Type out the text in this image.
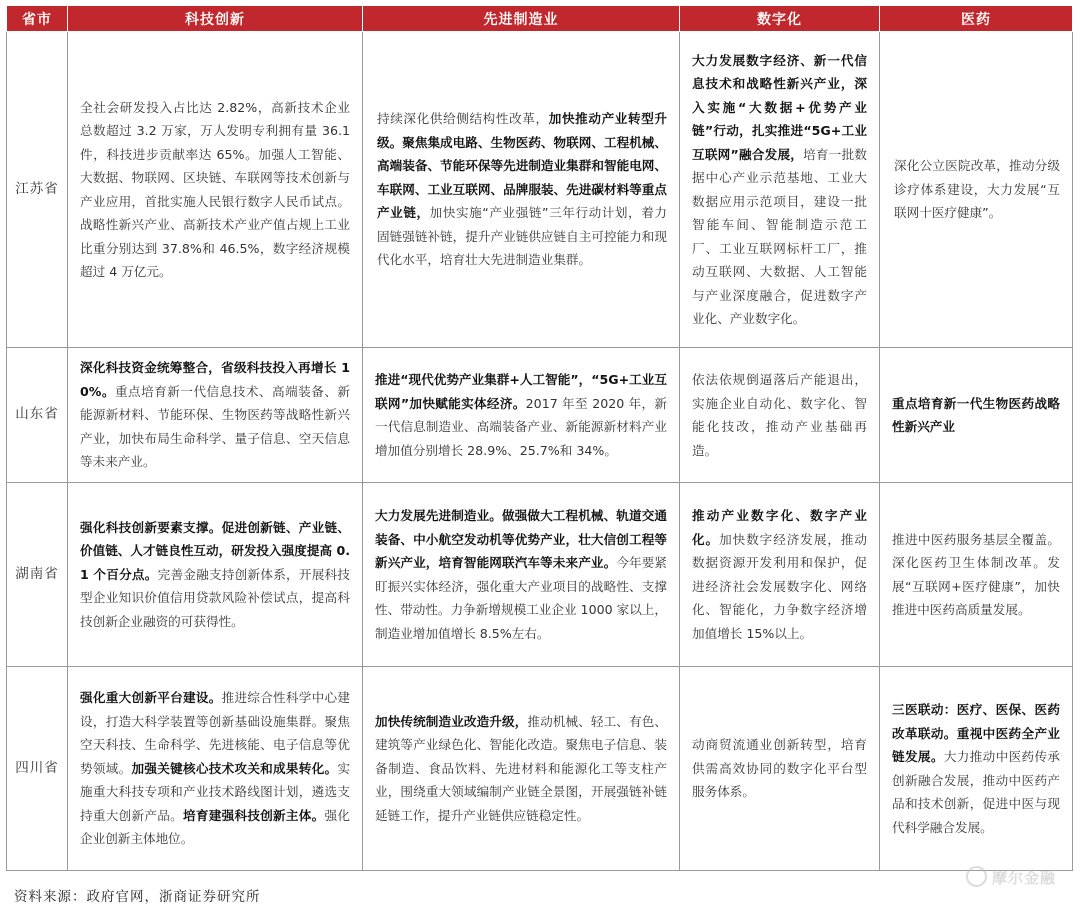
省市	科技创新	先进制造业	数字化	医药
江苏省	全社会研发投入占比达 2.82%，高新技术企业总数超过 3.2 万家，万人发明专利拥有量 36.1 件，科技进步贡献率达 65%。加强人工智能、大数据、物联网、区块链、车联网等技术创新与产业应用，首批实施人民银行数字人民币试点。战略性新兴产业、高新技术产业产值占规上工业比重分别达到 37.8%和 46.5%，数字经济规模超过 4 万亿元。	持续深化供给侧结构性改革，加快推动产业转型升级。聚焦集成电路、生物医药、物联网、工程机械、高端装备、节能环保等先进制造业集群和智能电网、车联网、工业互联网、品牌服装、先进碳材料等重点产业链，加快实施“产业强链”三年行动计划，着力固链强链补链，提升产业链供应链自主可控能力和现代化水平，培育壮大先进制造业集群。	大力发展数字经济、新一代信息技术和战略性新兴产业，深入实施“大数据+优势产业链”行动，扎实推进“5G+工业互联网”融合发展，培育一批数据中心产业示范基地、工业大数据应用示范项目，建设一批智能车间、智能制造示范工厂、工业互联网标杆工厂，推动互联网、大数据、人工智能与产业深度融合，促进数字产业化、产业数字化。	深化公立医院改革，推动分级诊疗体系建设，大力发展“互联网十医疗健康”。
山东省	深化科技资金统筹整合，省级科技投入再增长 10%。重点培育新一代信息技术、高端装备、新能源新材料、节能环保、生物医药等战略性新兴产业，加快布局生命科学、量子信息、空天信息等未来产业。	推进“现代优势产业集群+人工智能”，“5G+工业互联网”加快赋能实体经济。2017 年至 2020 年，新一代信息制造业、高端装备产业、新能源新材料产业增加值分别增长 28.9%、25.7%和 34%。	依法依规倒逼落后产能退出，实施企业自动化、数字化、智能化技改，推动产业基础再造。	重点培育新一代生物医药战略性新兴产业
湖南省	强化科技创新要素支撑。促进创新链、产业链、价值链、人才链良性互动，研发投入强度提高 0.1 个百分点。完善金融支持创新体系，开展科技型企业知识价值信用贷款风险补偿试点，提高科技创新企业融资的可获得性。	大力发展先进制造业。做强做大工程机械、轨道交通装备、中小航空发动机等优势产业，壮大信创工程等新兴产业，培育智能网联汽车等未来产业。今年要紧盯振兴实体经济，强化重大产业项目的战略性、支撑性、带动性。力争新增规模工业企业 1000 家以上，制造业增加值增长 8.5%左右。	推动产业数字化、数字产业化。加快数字经济发展，推动数据资源开发利用和保护，促进经济社会发展数字化、网络化、智能化，力争数字经济增加值增长 15%以上。	推进中医药服务基层全覆盖。深化医药卫生体制改革。发展“互联网+医疗健康”，加快推进中医药高质量发展。
四川省	强化重大创新平台建设。推进综合性科学中心建设，打造大科学装置等创新基础设施集群。聚焦空天科技、生命科学、先进核能、电子信息等优势领域。加强关键核心技术攻关和成果转化。实施重大科技专项和产业技术路线图计划，遴选支持重大创新产品。培育建强科技创新主体。强化企业创新主体地位。	加快传统制造业改造升级，推动机械、轻工、有色、建筑等产业绿色化、智能化改造。聚焦电子信息、装备制造、食品饮料、先进材料和能源化工等支柱产业，围绕重大领域编制产业链全景图，开展强链补链延链工作，提升产业链供应链稳定性。	动商贸流通业创新转型，培育供需高效协同的数字化平台型服务体系。	三医联动：医疗、医保、医药改革联动。重视中医药全产业链发展。大力推动中医药传承创新融合发展，推动中医药产品和技术创新，促进中医与现代科学融合发展。
资料来源：政府官网，浙商证券研究所
摩尔金融
